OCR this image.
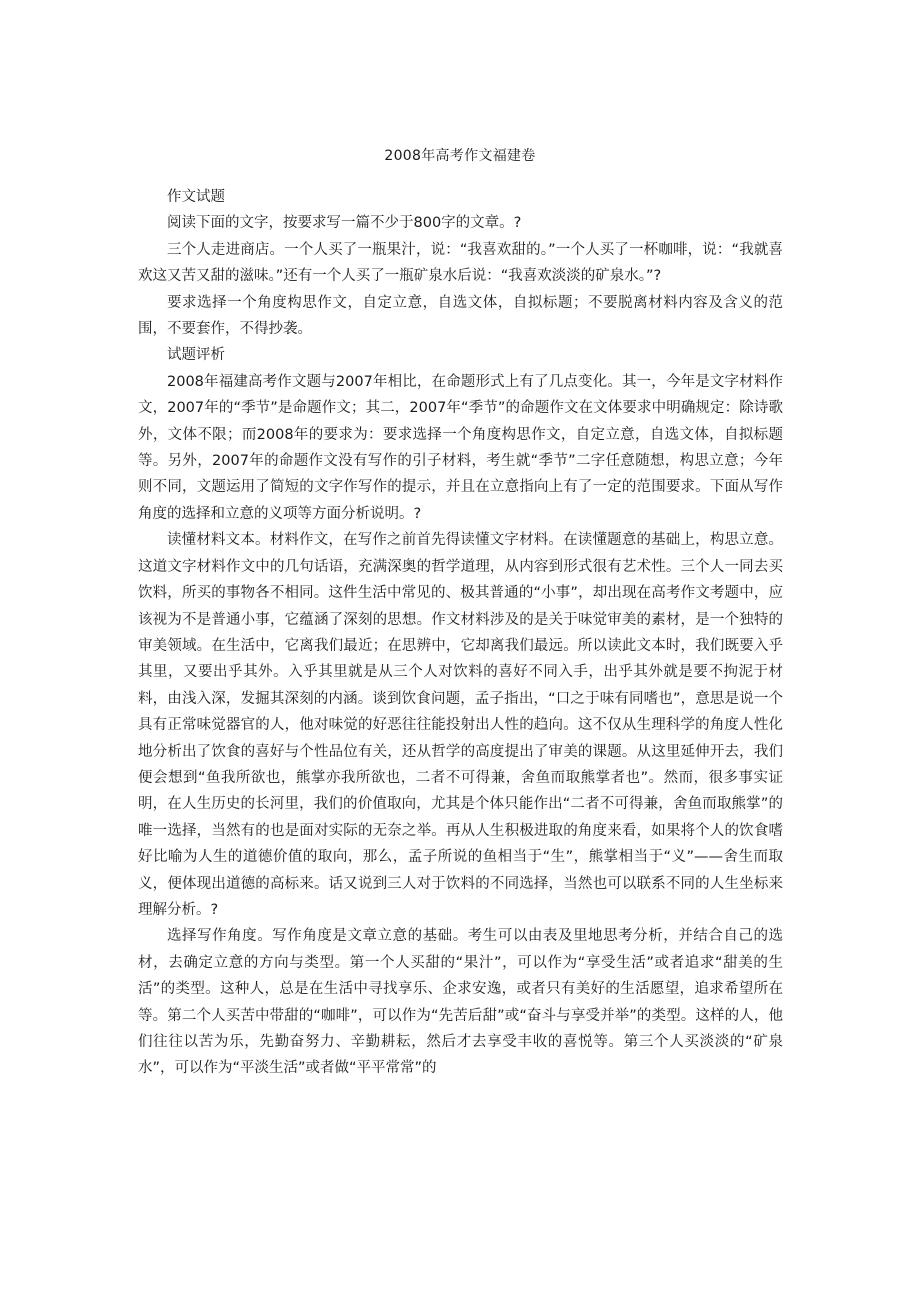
2008年高考作文福建卷

作文试题

阅读下面的文字，按要求写一篇不少于800字的文章。?

三个人走进商店。一个人买了一瓶果汁，说：“我喜欢甜的。”一个人买了一杯咖啡，说：“我就喜欢这又苦又甜的滋味。”还有一个人买了一瓶矿泉水后说：“我喜欢淡淡的矿泉水。”?

要求选择一个角度构思作文，自定立意，自选文体，自拟标题；不要脱离材料内容及含义的范围，不要套作，不得抄袭。

试题评析

2008年福建高考作文题与2007年相比，在命题形式上有了几点变化。其一，今年是文字材料作文，2007年的“季节”是命题作文；其二，2007年“季节”的命题作文在文体要求中明确规定：除诗歌外，文体不限；而2008年的要求为：要求选择一个角度构思作文，自定立意，自选文体，自拟标题等。另外，2007年的命题作文没有写作的引子材料，考生就“季节”二字任意随想，构思立意；今年则不同，文题运用了简短的文字作写作的提示，并且在立意指向上有了一定的范围要求。下面从写作角度的选择和立意的义项等方面分析说明。?

读懂材料文本。材料作文，在写作之前首先得读懂文字材料。在读懂题意的基础上，构思立意。这道文字材料作文中的几句话语，充满深奥的哲学道理，从内容到形式很有艺术性。三个人一同去买饮料，所买的事物各不相同。这件生活中常见的、极其普通的“小事”，却出现在高考作文考题中，应该视为不是普通小事，它蕴涵了深刻的思想。作文材料涉及的是关于味觉审美的素材，是一个独特的审美领域。在生活中，它离我们最近；在思辨中，它却离我们最远。所以读此文本时，我们既要入乎其里，又要出乎其外。入乎其里就是从三个人对饮料的喜好不同入手，出乎其外就是要不拘泥于材料，由浅入深，发掘其深刻的内涵。谈到饮食问题，孟子指出，“口之于味有同嗜也”，意思是说一个具有正常味觉器官的人，他对味觉的好恶往往能投射出人性的趋向。这不仅从生理科学的角度人性化地分析出了饮食的喜好与个性品位有关，还从哲学的高度提出了审美的课题。从这里延伸开去，我们便会想到“鱼我所欲也，熊掌亦我所欲也，二者不可得兼，舍鱼而取熊掌者也”。然而，很多事实证明，在人生历史的长河里，我们的价值取向，尤其是个体只能作出“二者不可得兼，舍鱼而取熊掌”的唯一选择，当然有的也是面对实际的无奈之举。再从人生积极进取的角度来看，如果将个人的饮食嗜好比喻为人生的道德价值的取向，那么，孟子所说的鱼相当于“生”，熊掌相当于“义”——舍生而取义，便体现出道德的高标来。话又说到三人对于饮料的不同选择，当然也可以联系不同的人生坐标来理解分析。?

选择写作角度。写作角度是文章立意的基础。考生可以由表及里地思考分析，并结合自己的选材，去确定立意的方向与类型。第一个人买甜的“果汁”，可以作为“享受生活”或者追求“甜美的生活”的类型。这种人，总是在生活中寻找享乐、企求安逸，或者只有美好的生活愿望，追求希望所在等。第二个人买苦中带甜的“咖啡”，可以作为“先苦后甜”或“奋斗与享受并举”的类型。这样的人，他们往往以苦为乐，先勤奋努力、辛勤耕耘，然后才去享受丰收的喜悦等。第三个人买淡淡的“矿泉水”，可以作为“平淡生活”或者做“平平常常”的
